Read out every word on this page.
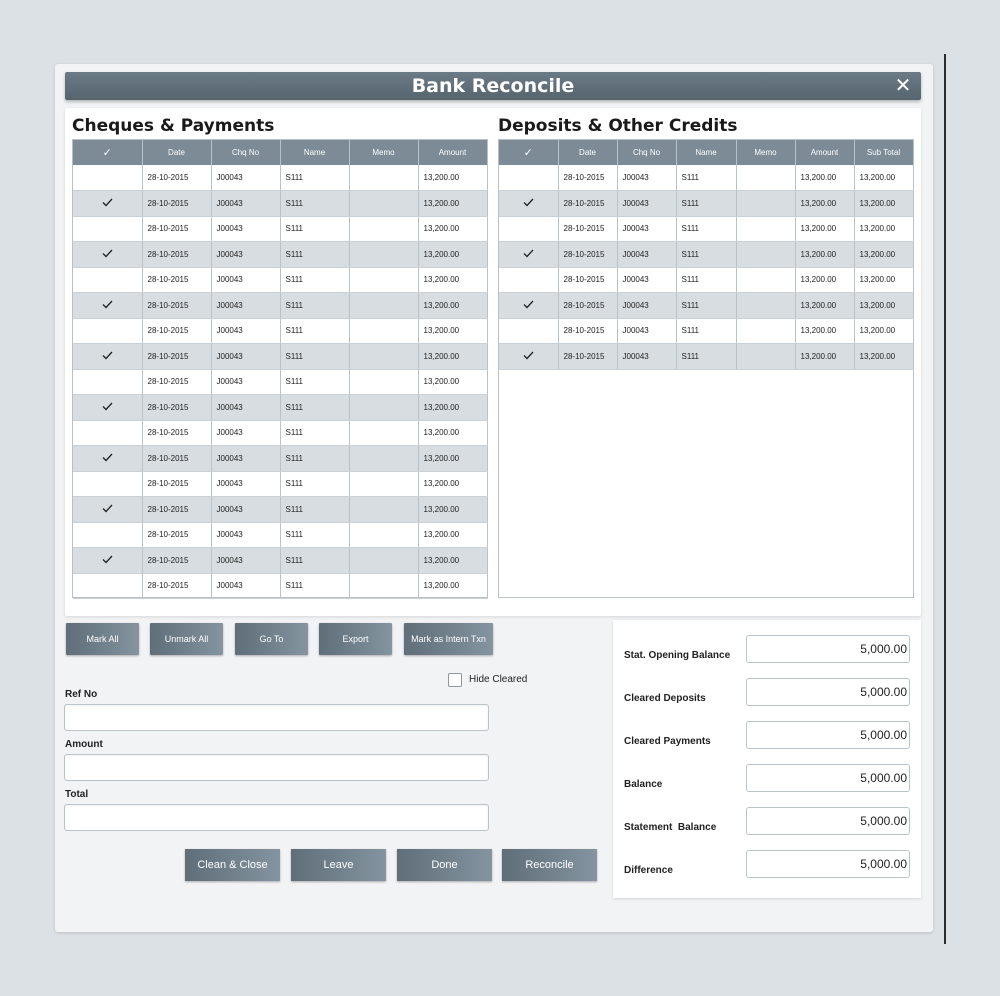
Bank Reconcile	✕
Cheques & Payments
✓	Date	Chq No	Name	Memo	Amount
	28-10-2015	J00043	S111		13,200.00
	28-10-2015	J00043	S111		13,200.00
	28-10-2015	J00043	S111		13,200.00
	28-10-2015	J00043	S111		13,200.00
	28-10-2015	J00043	S111		13,200.00
	28-10-2015	J00043	S111		13,200.00
	28-10-2015	J00043	S111		13,200.00
	28-10-2015	J00043	S111		13,200.00
	28-10-2015	J00043	S111		13,200.00
	28-10-2015	J00043	S111		13,200.00
	28-10-2015	J00043	S111		13,200.00
	28-10-2015	J00043	S111		13,200.00
	28-10-2015	J00043	S111		13,200.00
	28-10-2015	J00043	S111		13,200.00
	28-10-2015	J00043	S111		13,200.00
	28-10-2015	J00043	S111		13,200.00
	28-10-2015	J00043	S111		13,200.00
Deposits & Other Credits
✓	Date	Chq No	Name	Memo	Amount	Sub Total
	28-10-2015	J00043	S111		13,200.00	13,200.00
	28-10-2015	J00043	S111		13,200.00	13,200.00
	28-10-2015	J00043	S111		13,200.00	13,200.00
	28-10-2015	J00043	S111		13,200.00	13,200.00
	28-10-2015	J00043	S111		13,200.00	13,200.00
	28-10-2015	J00043	S111		13,200.00	13,200.00
	28-10-2015	J00043	S111		13,200.00	13,200.00
	28-10-2015	J00043	S111		13,200.00	13,200.00
Mark All	Unmark All	Go To	Export	Mark as Intern Txn
Hide Cleared
Ref No
Amount
Total
Clean & Close	Leave	Done	Reconcile
Stat. Opening Balance	5,000.00
Cleared Deposits	5,000.00
Cleared Payments	5,000.00
Balance	5,000.00
Statement  Balance	5,000.00
Difference	5,000.00
